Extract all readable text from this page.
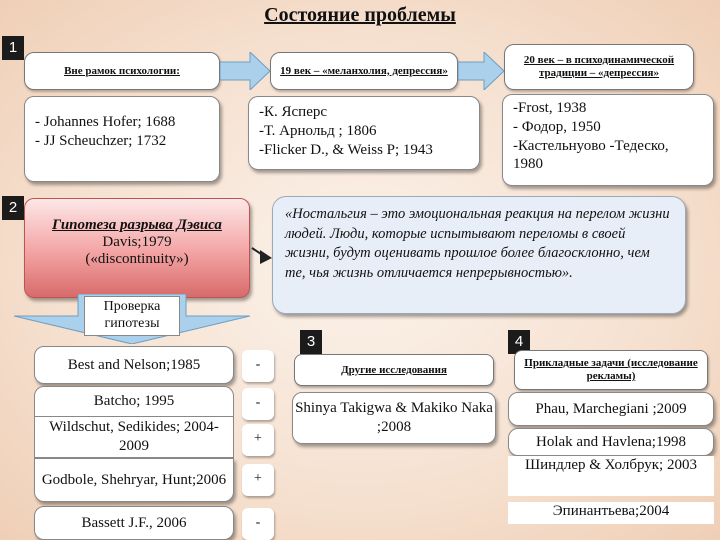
Состояние проблемы
1
2
3	4
Вне рамок психологии:	19 век – «меланхолия, депрессия»
20 век – в психодинамической традиции – «депрессия»
- Johannes Hofer; 1688
- JJ Scheuchzer; 1732
-К. Ясперс
-Т. Арнольд ; 1806
-Flicker D., & Weiss P; 1943
-Frost, 1938
- Фодор, 1950
-Кастельнуово -Тедеско,
1980
Гипотеза разрыва Дэвиса
Davis;1979
(«discontinuity»)
«Ностальгия – это эмоциональная реакция на перелом жизни людей. Люди, которые испытывают переломы в своей жизни, будут оценивать прошлое более благосклонно, чем те, чья жизнь отличается непрерывностью».
Проверка гипотезы
Best and Nelson;1985
Batcho; 1995
Wildschut, Sedikides; 2004-2009
Godbole, Shehryar, Hunt;2006
Bassett J.F., 2006
-
-
+
+
-
Другие исследования
Shinya Takigwa & Makiko Naka ;2008
Прикладные задачи (исследование рекламы)
Phau, Marchegiani ;2009
Holak and Havlena;1998
Шиндлер & Холбрук; 2003
Эпинантьева;2004
